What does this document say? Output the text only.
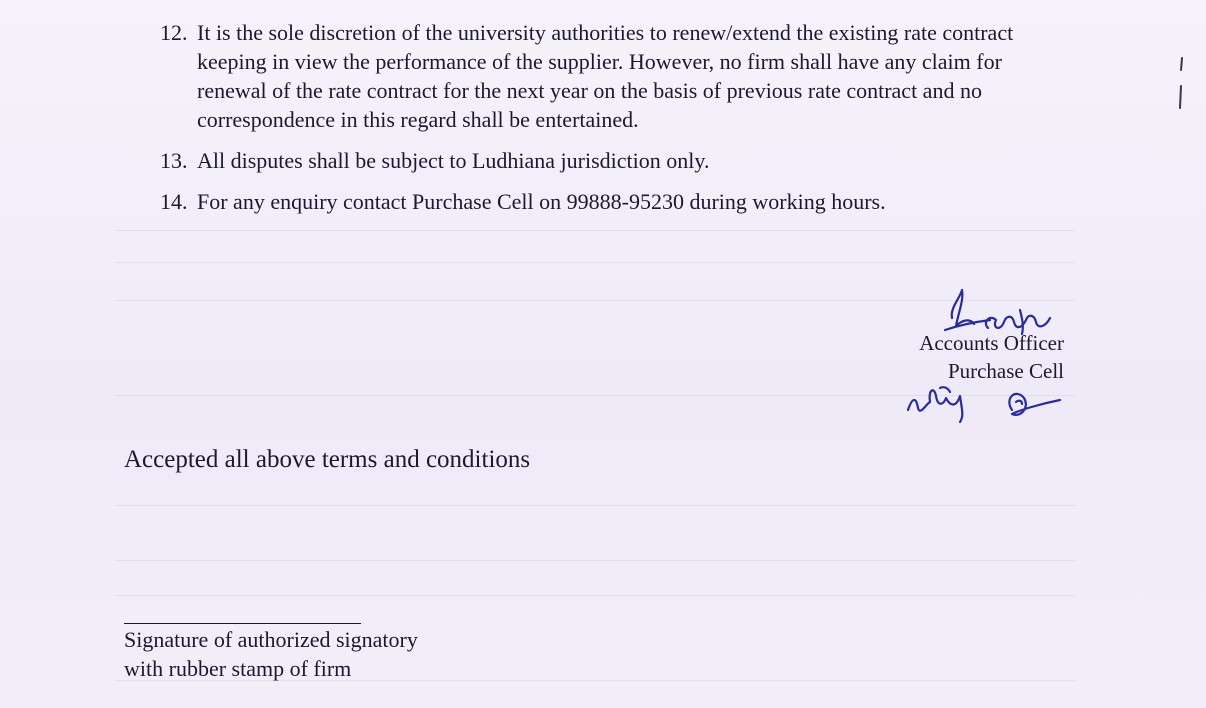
12. It is the sole discretion of the university authorities to renew/extend the existing rate contract keeping in view the performance of the supplier. However, no firm shall have any claim for renewal of the rate contract for the next year on the basis of previous rate contract and no correspondence in this regard shall be entertained.
13. All disputes shall be subject to Ludhiana jurisdiction only.
14. For any enquiry contact Purchase Cell on 99888-95230 during working hours.
Accounts Officer
Purchase Cell
Accepted all above terms and conditions
Signature of authorized signatory
with rubber stamp of firm
